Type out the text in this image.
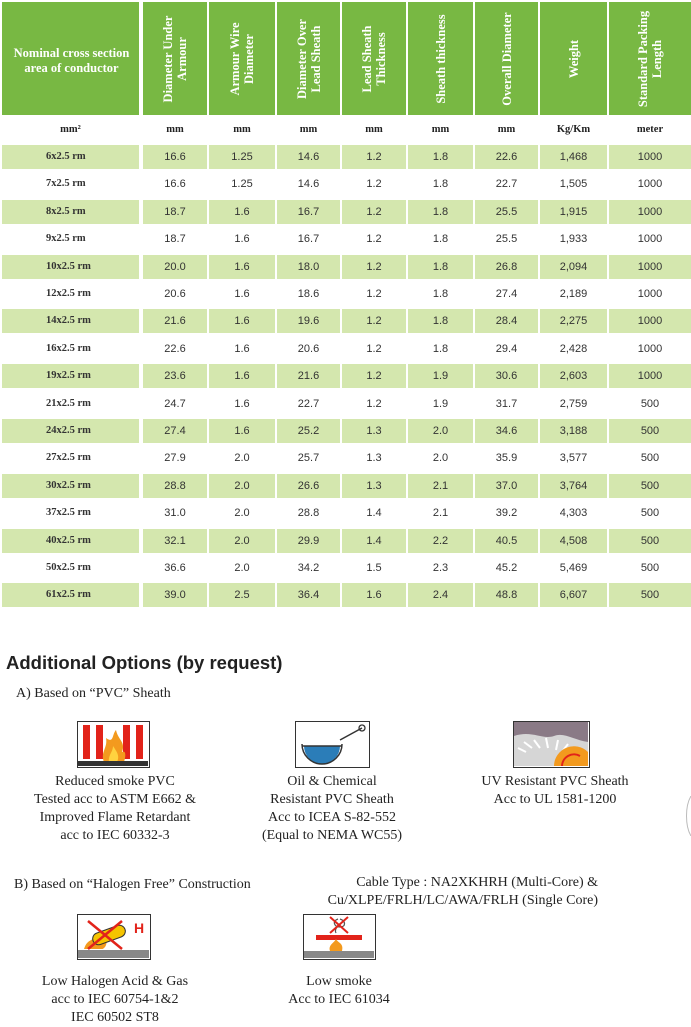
Nominal cross section area of conductor	Diameter Under Armour	Armour Wire Diameter	Diameter Over Lead Sheath	Lead Sheath Thickness	Sheath thickness	Overall Diameter	Weight	Standard Packing Length
mm²	mm	mm	mm	mm	mm	mm	Kg/Km	meter
6x2.5 rm	16.6	1.25	14.6	1.2	1.8	22.6	1,468	1000
7x2.5 rm	16.6	1.25	14.6	1.2	1.8	22.7	1,505	1000
8x2.5 rm	18.7	1.6	16.7	1.2	1.8	25.5	1,915	1000
9x2.5 rm	18.7	1.6	16.7	1.2	1.8	25.5	1,933	1000
10x2.5 rm	20.0	1.6	18.0	1.2	1.8	26.8	2,094	1000
12x2.5 rm	20.6	1.6	18.6	1.2	1.8	27.4	2,189	1000
14x2.5 rm	21.6	1.6	19.6	1.2	1.8	28.4	2,275	1000
16x2.5 rm	22.6	1.6	20.6	1.2	1.8	29.4	2,428	1000
19x2.5 rm	23.6	1.6	21.6	1.2	1.9	30.6	2,603	1000
21x2.5 rm	24.7	1.6	22.7	1.2	1.9	31.7	2,759	500
24x2.5 rm	27.4	1.6	25.2	1.3	2.0	34.6	3,188	500
27x2.5 rm	27.9	2.0	25.7	1.3	2.0	35.9	3,577	500
30x2.5 rm	28.8	2.0	26.6	1.3	2.1	37.0	3,764	500
37x2.5 rm	31.0	2.0	28.8	1.4	2.1	39.2	4,303	500
40x2.5 rm	32.1	2.0	29.9	1.4	2.2	40.5	4,508	500
50x2.5 rm	36.6	2.0	34.2	1.5	2.3	45.2	5,469	500
61x2.5 rm	39.0	2.5	36.4	1.6	2.4	48.8	6,607	500
Additional Options (by request)
A) Based on “PVC” Sheath
Reduced smoke PVC
Tested acc to ASTM E662 &
Improved Flame Retardant
acc to IEC 60332-3
Oil & Chemical
Resistant PVC Sheath
Acc to ICEA S-82-552
(Equal to NEMA WC55)
UV Resistant PVC Sheath
Acc to UL 1581-1200
B) Based on “Halogen Free” Construction	Cable Type : NA2XKHRH (Multi-Core) &
Cu/XLPE/FRLH/LC/AWA/FRLH (Single Core)
H
Low Halogen Acid & Gas
acc to IEC 60754-1&2
IEC 60502 ST8
Low smoke
Acc to IEC 61034
